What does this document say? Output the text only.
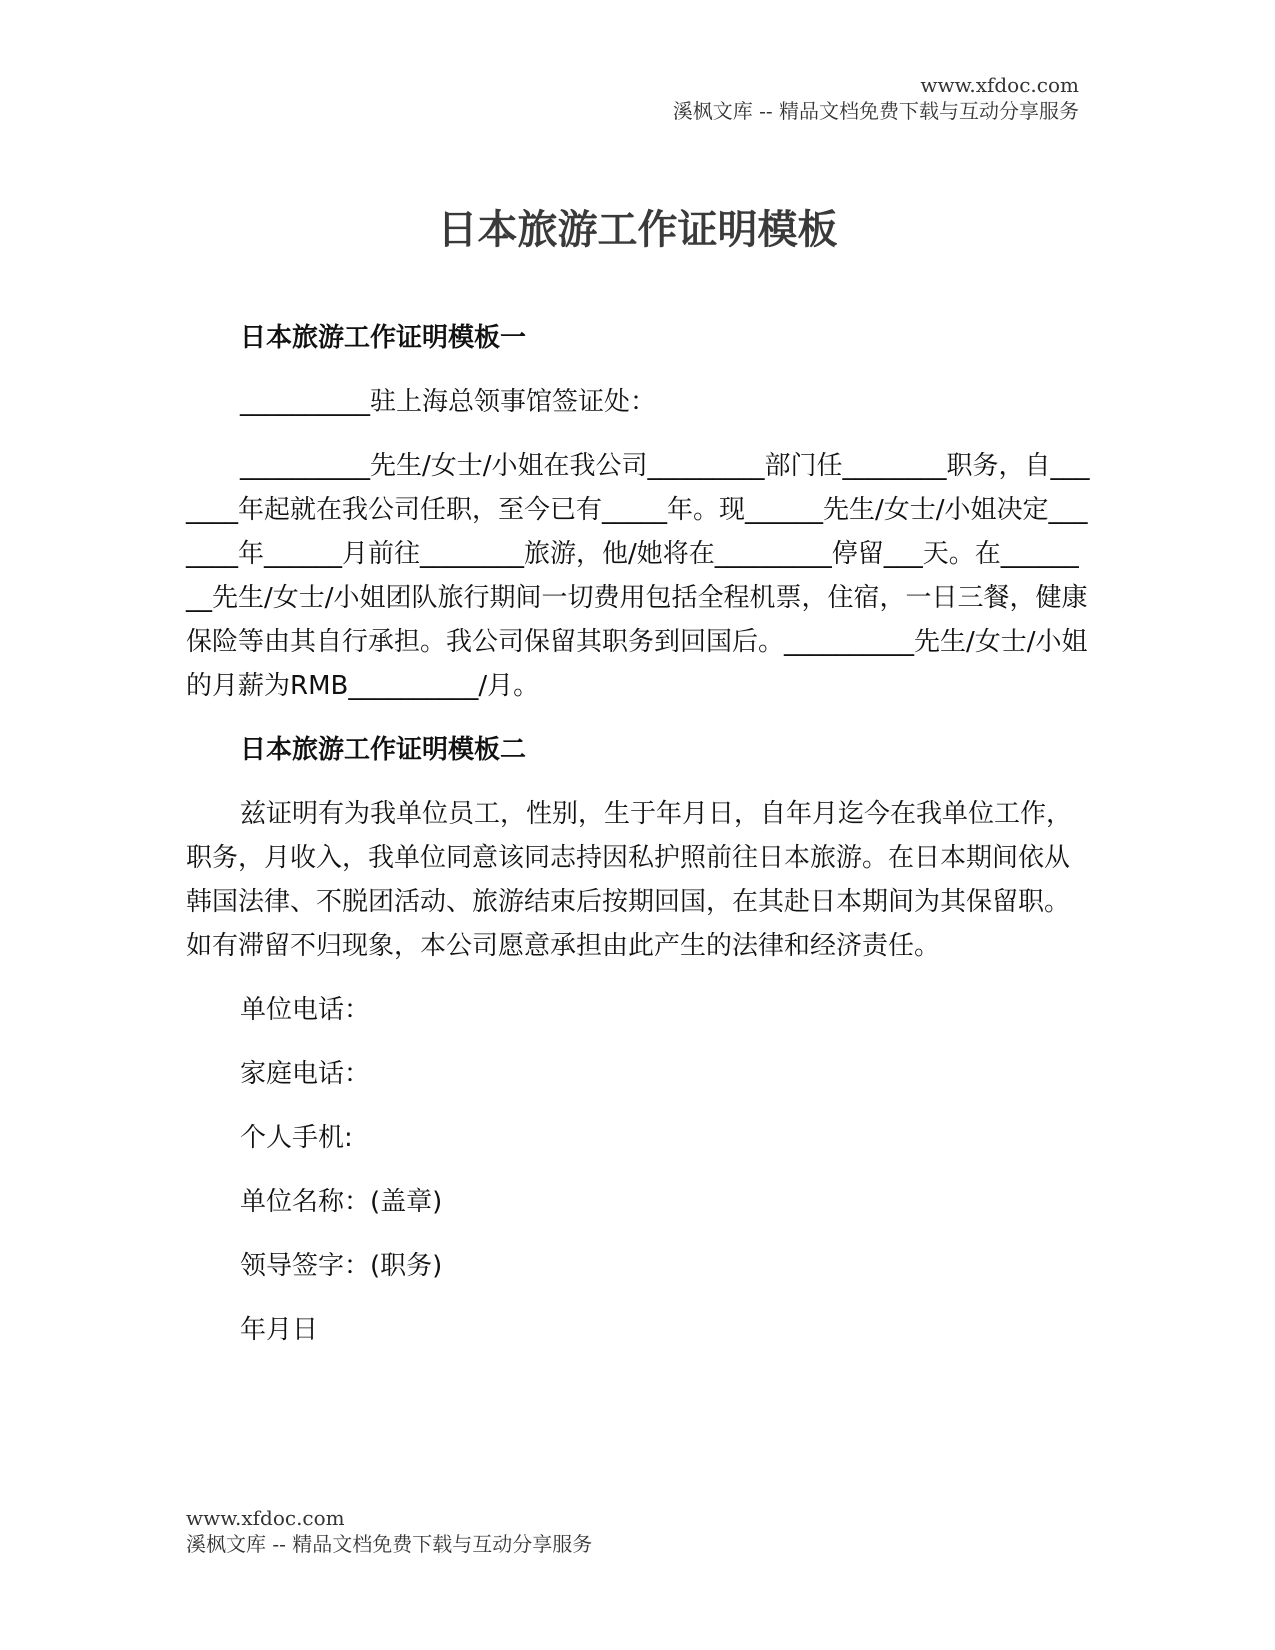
www.xfdoc.com
溪枫文库 -- 精品文档免费下载与互动分享服务
日本旅游工作证明模板
日本旅游工作证明模板一
__________驻上海总领事馆签证处：
__________先生/女士/小姐在我公司_________部门任________职务，自_______年起就在我公司任职，至今已有_____年。现______先生/女士/小姐决定_______年______月前往________旅游，他/她将在_________停留___天。在________先生/女士/小姐团队旅行期间一切费用包括全程机票，住宿，一日三餐，健康保险等由其自行承担。我公司保留其职务到回国后。__________先生/女士/小姐的月薪为RMB__________/月。
日本旅游工作证明模板二
兹证明有为我单位员工，性别，生于年月日，自年月迄今在我单位工作，职务，月收入，我单位同意该同志持因私护照前往日本旅游。在日本期间依从韩国法律、不脱团活动、旅游结束后按期回国，在其赴日本期间为其保留职。如有滞留不归现象，本公司愿意承担由此产生的法律和经济责任。
单位电话：
家庭电话：
个人手机:
单位名称：(盖章)
领导签字：(职务)
年月日
www.xfdoc.com
溪枫文库 -- 精品文档免费下载与互动分享服务
